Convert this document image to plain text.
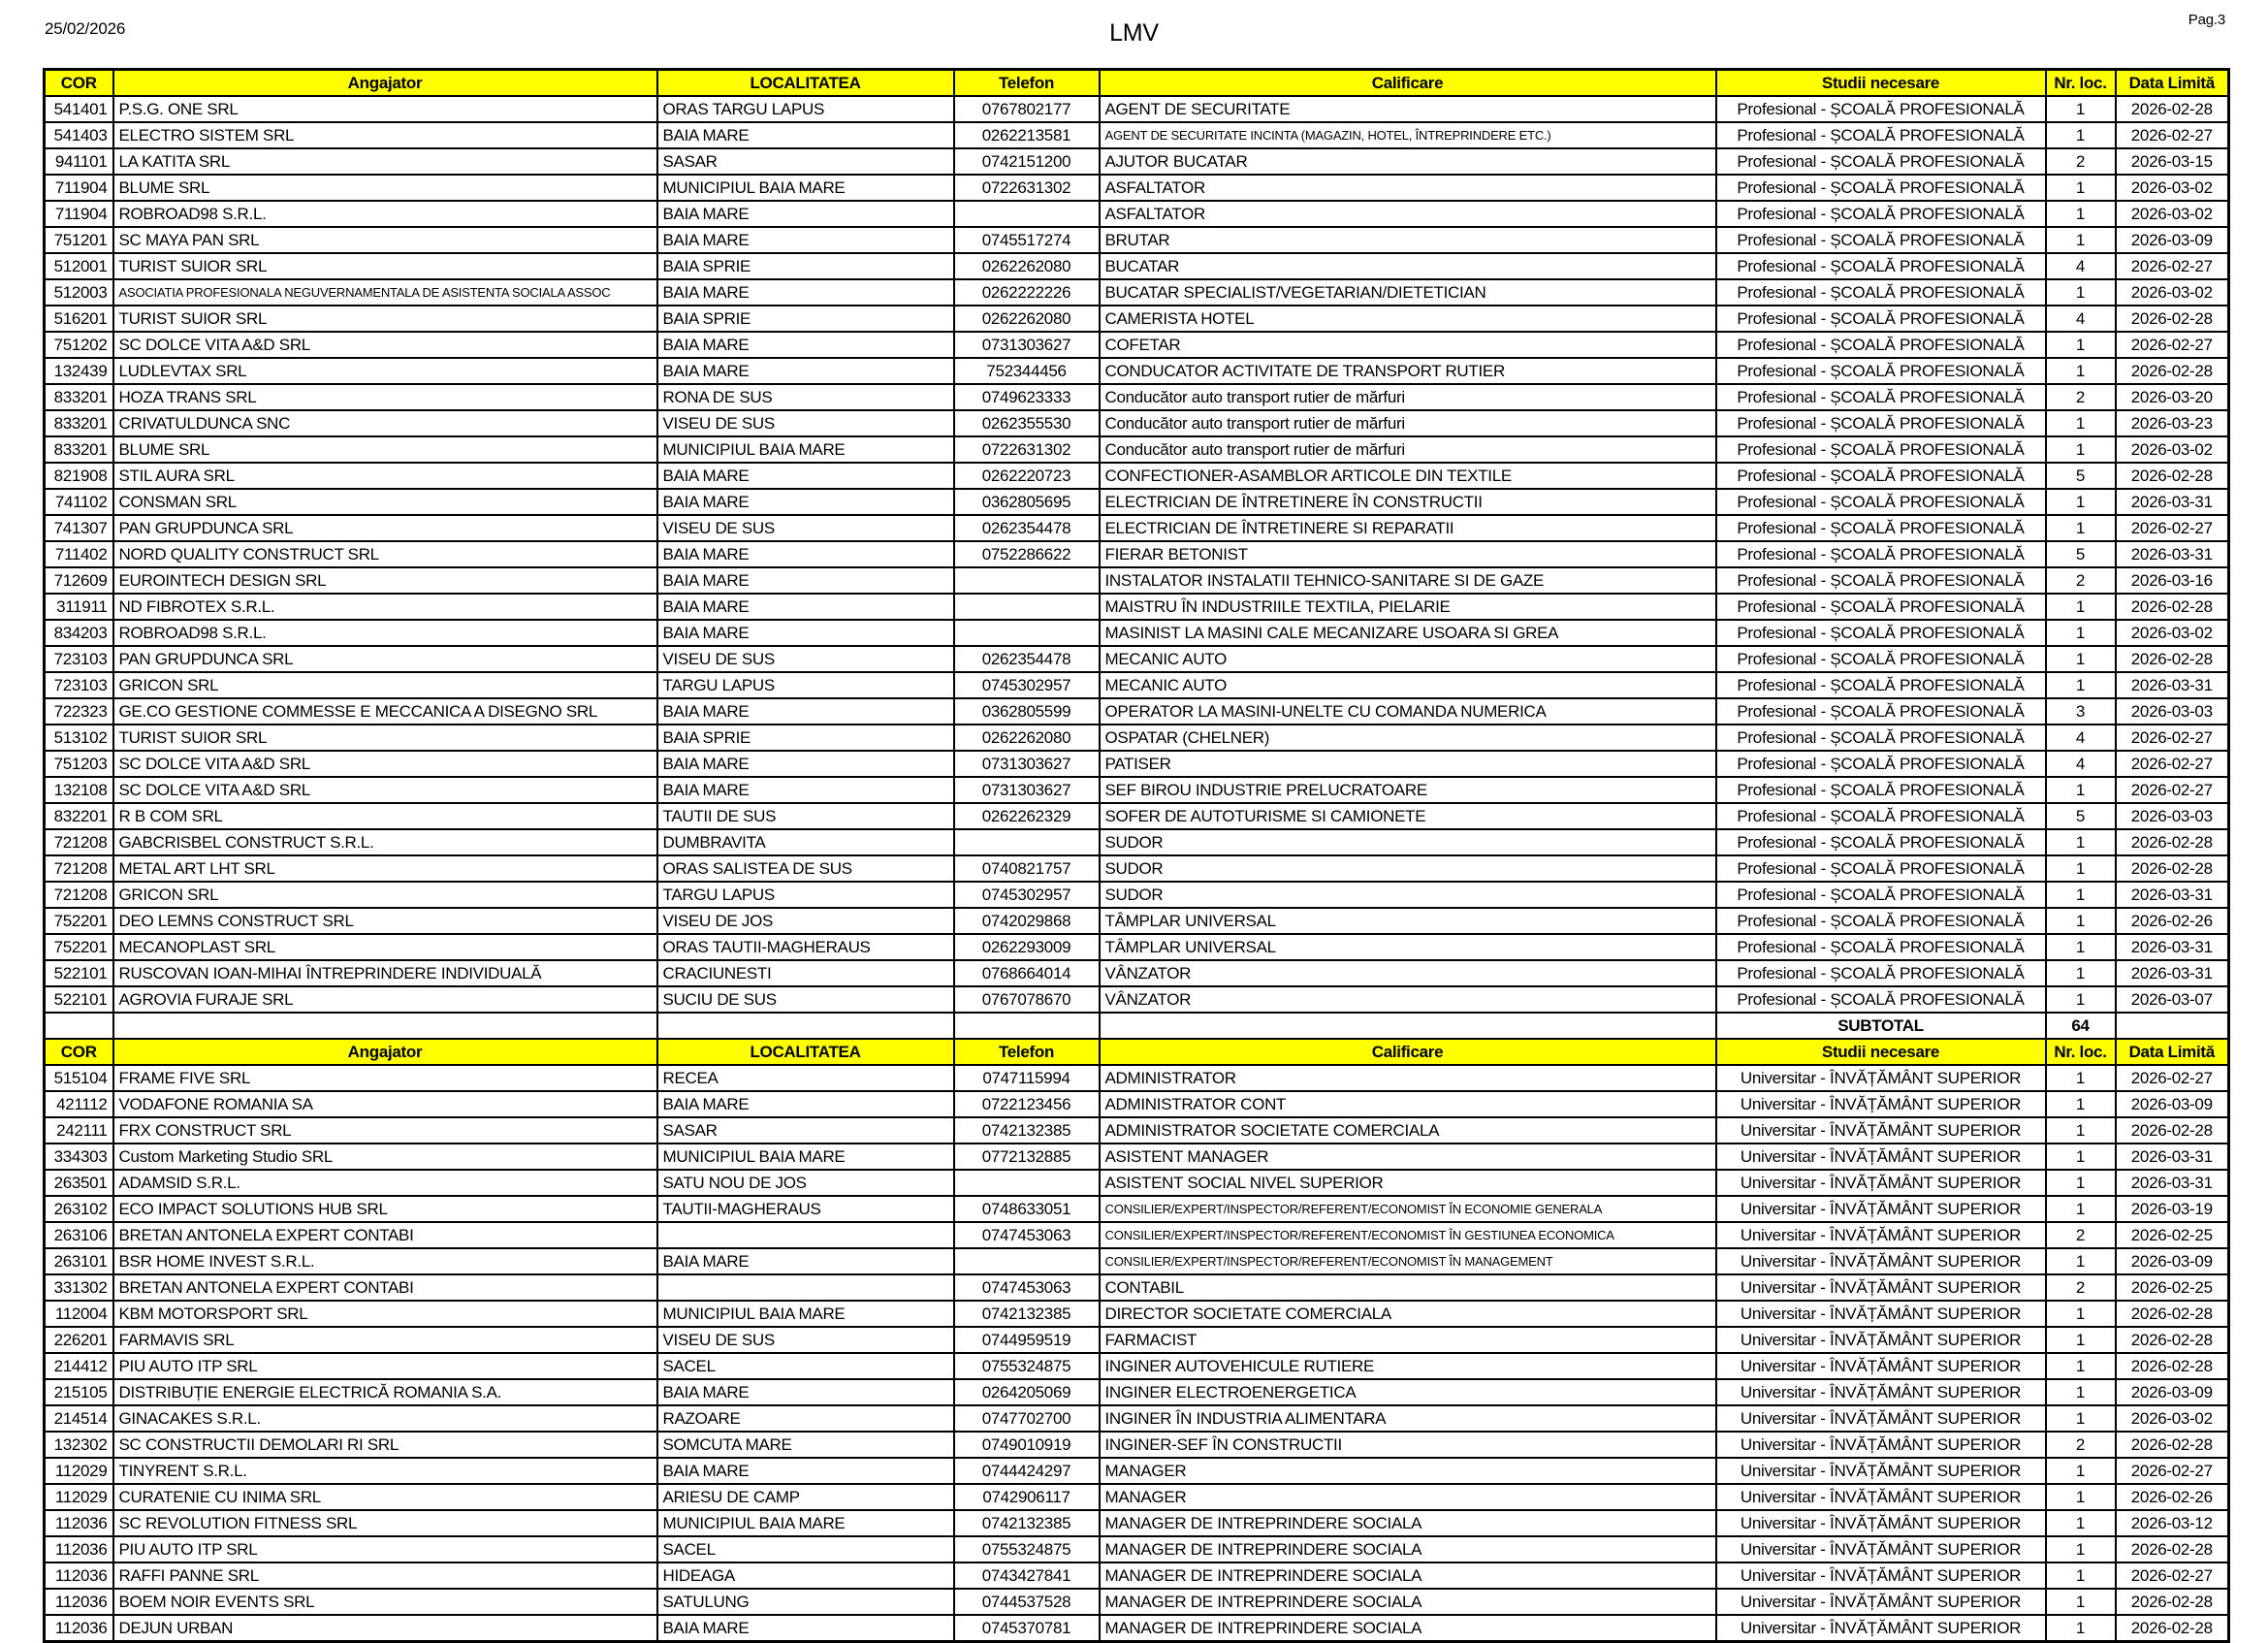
25/02/2026	LMV	Pag.3
COR	Angajator	LOCALITATEA	Telefon	Calificare	Studii necesare	Nr. loc.	Data Limită
541401	P.S.G. ONE SRL	ORAS TARGU LAPUS	0767802177	AGENT DE SECURITATE	Profesional - ȘCOALĂ PROFESIONALĂ	1	2026-02-28
541403	ELECTRO SISTEM SRL	BAIA MARE	0262213581	AGENT DE SECURITATE INCINTA (MAGAZIN, HOTEL, ÎNTREPRINDERE ETC.)	Profesional - ȘCOALĂ PROFESIONALĂ	1	2026-02-27
941101	LA KATITA SRL	SASAR	0742151200	AJUTOR BUCATAR	Profesional - ȘCOALĂ PROFESIONALĂ	2	2026-03-15
711904	BLUME SRL	MUNICIPIUL BAIA MARE	0722631302	ASFALTATOR	Profesional - ȘCOALĂ PROFESIONALĂ	1	2026-03-02
711904	ROBROAD98 S.R.L.	BAIA MARE		ASFALTATOR	Profesional - ȘCOALĂ PROFESIONALĂ	1	2026-03-02
751201	SC MAYA PAN SRL	BAIA MARE	0745517274	BRUTAR	Profesional - ȘCOALĂ PROFESIONALĂ	1	2026-03-09
512001	TURIST SUIOR SRL	BAIA SPRIE	0262262080	BUCATAR	Profesional - ȘCOALĂ PROFESIONALĂ	4	2026-02-27
512003	ASOCIATIA PROFESIONALA NEGUVERNAMENTALA DE ASISTENTA SOCIALA ASSOC	BAIA MARE	0262222226	BUCATAR SPECIALIST/VEGETARIAN/DIETETICIAN	Profesional - ȘCOALĂ PROFESIONALĂ	1	2026-03-02
516201	TURIST SUIOR SRL	BAIA SPRIE	0262262080	CAMERISTA HOTEL	Profesional - ȘCOALĂ PROFESIONALĂ	4	2026-02-28
751202	SC DOLCE VITA A&D SRL	BAIA MARE	0731303627	COFETAR	Profesional - ȘCOALĂ PROFESIONALĂ	1	2026-02-27
132439	LUDLEVTAX SRL	BAIA MARE	752344456	CONDUCATOR ACTIVITATE DE TRANSPORT RUTIER	Profesional - ȘCOALĂ PROFESIONALĂ	1	2026-02-28
833201	HOZA TRANS SRL	RONA DE SUS	0749623333	Conducător auto transport rutier de mărfuri	Profesional - ȘCOALĂ PROFESIONALĂ	2	2026-03-20
833201	CRIVATULDUNCA SNC	VISEU DE SUS	0262355530	Conducător auto transport rutier de mărfuri	Profesional - ȘCOALĂ PROFESIONALĂ	1	2026-03-23
833201	BLUME SRL	MUNICIPIUL BAIA MARE	0722631302	Conducător auto transport rutier de mărfuri	Profesional - ȘCOALĂ PROFESIONALĂ	1	2026-03-02
821908	STIL AURA SRL	BAIA MARE	0262220723	CONFECTIONER-ASAMBLOR ARTICOLE DIN TEXTILE	Profesional - ȘCOALĂ PROFESIONALĂ	5	2026-02-28
741102	CONSMAN SRL	BAIA MARE	0362805695	ELECTRICIAN DE ÎNTRETINERE ÎN CONSTRUCTII	Profesional - ȘCOALĂ PROFESIONALĂ	1	2026-03-31
741307	PAN GRUPDUNCA SRL	VISEU DE SUS	0262354478	ELECTRICIAN DE ÎNTRETINERE SI REPARATII	Profesional - ȘCOALĂ PROFESIONALĂ	1	2026-02-27
711402	NORD QUALITY CONSTRUCT SRL	BAIA MARE	0752286622	FIERAR BETONIST	Profesional - ȘCOALĂ PROFESIONALĂ	5	2026-03-31
712609	EUROINTECH DESIGN SRL	BAIA MARE		INSTALATOR INSTALATII TEHNICO-SANITARE SI DE GAZE	Profesional - ȘCOALĂ PROFESIONALĂ	2	2026-03-16
311911	ND FIBROTEX S.R.L.	BAIA MARE		MAISTRU ÎN INDUSTRIILE TEXTILA, PIELARIE	Profesional - ȘCOALĂ PROFESIONALĂ	1	2026-02-28
834203	ROBROAD98 S.R.L.	BAIA MARE		MASINIST LA MASINI CALE MECANIZARE USOARA SI GREA	Profesional - ȘCOALĂ PROFESIONALĂ	1	2026-03-02
723103	PAN GRUPDUNCA SRL	VISEU DE SUS	0262354478	MECANIC AUTO	Profesional - ȘCOALĂ PROFESIONALĂ	1	2026-02-28
723103	GRICON SRL	TARGU LAPUS	0745302957	MECANIC AUTO	Profesional - ȘCOALĂ PROFESIONALĂ	1	2026-03-31
722323	GE.CO GESTIONE COMMESSE E MECCANICA A DISEGNO SRL	BAIA MARE	0362805599	OPERATOR LA MASINI-UNELTE CU COMANDA NUMERICA	Profesional - ȘCOALĂ PROFESIONALĂ	3	2026-03-03
513102	TURIST SUIOR SRL	BAIA SPRIE	0262262080	OSPATAR (CHELNER)	Profesional - ȘCOALĂ PROFESIONALĂ	4	2026-02-27
751203	SC DOLCE VITA A&D SRL	BAIA MARE	0731303627	PATISER	Profesional - ȘCOALĂ PROFESIONALĂ	4	2026-02-27
132108	SC DOLCE VITA A&D SRL	BAIA MARE	0731303627	SEF BIROU INDUSTRIE PRELUCRATOARE	Profesional - ȘCOALĂ PROFESIONALĂ	1	2026-02-27
832201	R B COM SRL	TAUTII DE SUS	0262262329	SOFER DE AUTOTURISME SI CAMIONETE	Profesional - ȘCOALĂ PROFESIONALĂ	5	2026-03-03
721208	GABCRISBEL CONSTRUCT S.R.L.	DUMBRAVITA		SUDOR	Profesional - ȘCOALĂ PROFESIONALĂ	1	2026-02-28
721208	METAL ART LHT SRL	ORAS SALISTEA DE SUS	0740821757	SUDOR	Profesional - ȘCOALĂ PROFESIONALĂ	1	2026-02-28
721208	GRICON SRL	TARGU LAPUS	0745302957	SUDOR	Profesional - ȘCOALĂ PROFESIONALĂ	1	2026-03-31
752201	DEO LEMNS CONSTRUCT SRL	VISEU DE JOS	0742029868	TÂMPLAR UNIVERSAL	Profesional - ȘCOALĂ PROFESIONALĂ	1	2026-02-26
752201	MECANOPLAST SRL	ORAS TAUTII-MAGHERAUS	0262293009	TÂMPLAR UNIVERSAL	Profesional - ȘCOALĂ PROFESIONALĂ	1	2026-03-31
522101	RUSCOVAN IOAN-MIHAI ÎNTREPRINDERE INDIVIDUALĂ	CRACIUNESTI	0768664014	VÂNZATOR	Profesional - ȘCOALĂ PROFESIONALĂ	1	2026-03-31
522101	AGROVIA FURAJE SRL	SUCIU DE SUS	0767078670	VÂNZATOR	Profesional - ȘCOALĂ PROFESIONALĂ	1	2026-03-07
					SUBTOTAL	64	
COR	Angajator	LOCALITATEA	Telefon	Calificare	Studii necesare	Nr. loc.	Data Limită
515104	FRAME FIVE SRL	RECEA	0747115994	ADMINISTRATOR	Universitar - ÎNVĂȚĂMÂNT SUPERIOR	1	2026-02-27
421112	VODAFONE ROMANIA SA	BAIA MARE	0722123456	ADMINISTRATOR CONT	Universitar - ÎNVĂȚĂMÂNT SUPERIOR	1	2026-03-09
242111	FRX CONSTRUCT SRL	SASAR	0742132385	ADMINISTRATOR SOCIETATE COMERCIALA	Universitar - ÎNVĂȚĂMÂNT SUPERIOR	1	2026-02-28
334303	Custom Marketing Studio SRL	MUNICIPIUL BAIA MARE	0772132885	ASISTENT MANAGER	Universitar - ÎNVĂȚĂMÂNT SUPERIOR	1	2026-03-31
263501	ADAMSID S.R.L.	SATU NOU DE JOS		ASISTENT SOCIAL NIVEL SUPERIOR	Universitar - ÎNVĂȚĂMÂNT SUPERIOR	1	2026-03-31
263102	ECO IMPACT SOLUTIONS HUB SRL	TAUTII-MAGHERAUS	0748633051	CONSILIER/EXPERT/INSPECTOR/REFERENT/ECONOMIST ÎN ECONOMIE GENERALA	Universitar - ÎNVĂȚĂMÂNT SUPERIOR	1	2026-03-19
263106	BRETAN ANTONELA EXPERT CONTABI		0747453063	CONSILIER/EXPERT/INSPECTOR/REFERENT/ECONOMIST ÎN GESTIUNEA ECONOMICA	Universitar - ÎNVĂȚĂMÂNT SUPERIOR	2	2026-02-25
263101	BSR HOME INVEST S.R.L.	BAIA MARE		CONSILIER/EXPERT/INSPECTOR/REFERENT/ECONOMIST ÎN MANAGEMENT	Universitar - ÎNVĂȚĂMÂNT SUPERIOR	1	2026-03-09
331302	BRETAN ANTONELA EXPERT CONTABI		0747453063	CONTABIL	Universitar - ÎNVĂȚĂMÂNT SUPERIOR	2	2026-02-25
112004	KBM MOTORSPORT SRL	MUNICIPIUL BAIA MARE	0742132385	DIRECTOR SOCIETATE COMERCIALA	Universitar - ÎNVĂȚĂMÂNT SUPERIOR	1	2026-02-28
226201	FARMAVIS SRL	VISEU DE SUS	0744959519	FARMACIST	Universitar - ÎNVĂȚĂMÂNT SUPERIOR	1	2026-02-28
214412	PIU AUTO ITP SRL	SACEL	0755324875	INGINER AUTOVEHICULE RUTIERE	Universitar - ÎNVĂȚĂMÂNT SUPERIOR	1	2026-02-28
215105	DISTRIBUȚIE ENERGIE ELECTRICĂ ROMANIA S.A.	BAIA MARE	0264205069	INGINER ELECTROENERGETICA	Universitar - ÎNVĂȚĂMÂNT SUPERIOR	1	2026-03-09
214514	GINACAKES S.R.L.	RAZOARE	0747702700	INGINER ÎN INDUSTRIA ALIMENTARA	Universitar - ÎNVĂȚĂMÂNT SUPERIOR	1	2026-03-02
132302	SC CONSTRUCTII DEMOLARI RI SRL	SOMCUTA MARE	0749010919	INGINER-SEF ÎN CONSTRUCTII	Universitar - ÎNVĂȚĂMÂNT SUPERIOR	2	2026-02-28
112029	TINYRENT S.R.L.	BAIA MARE	0744424297	MANAGER	Universitar - ÎNVĂȚĂMÂNT SUPERIOR	1	2026-02-27
112029	CURATENIE CU INIMA SRL	ARIESU DE CAMP	0742906117	MANAGER	Universitar - ÎNVĂȚĂMÂNT SUPERIOR	1	2026-02-26
112036	SC REVOLUTION FITNESS SRL	MUNICIPIUL BAIA MARE	0742132385	MANAGER DE INTREPRINDERE SOCIALA	Universitar - ÎNVĂȚĂMÂNT SUPERIOR	1	2026-03-12
112036	PIU AUTO ITP SRL	SACEL	0755324875	MANAGER DE INTREPRINDERE SOCIALA	Universitar - ÎNVĂȚĂMÂNT SUPERIOR	1	2026-02-28
112036	RAFFI PANNE SRL	HIDEAGA	0743427841	MANAGER DE INTREPRINDERE SOCIALA	Universitar - ÎNVĂȚĂMÂNT SUPERIOR	1	2026-02-27
112036	BOEM NOIR EVENTS SRL	SATULUNG	0744537528	MANAGER DE INTREPRINDERE SOCIALA	Universitar - ÎNVĂȚĂMÂNT SUPERIOR	1	2026-02-28
112036	DEJUN URBAN	BAIA MARE	0745370781	MANAGER DE INTREPRINDERE SOCIALA	Universitar - ÎNVĂȚĂMÂNT SUPERIOR	1	2026-02-28
